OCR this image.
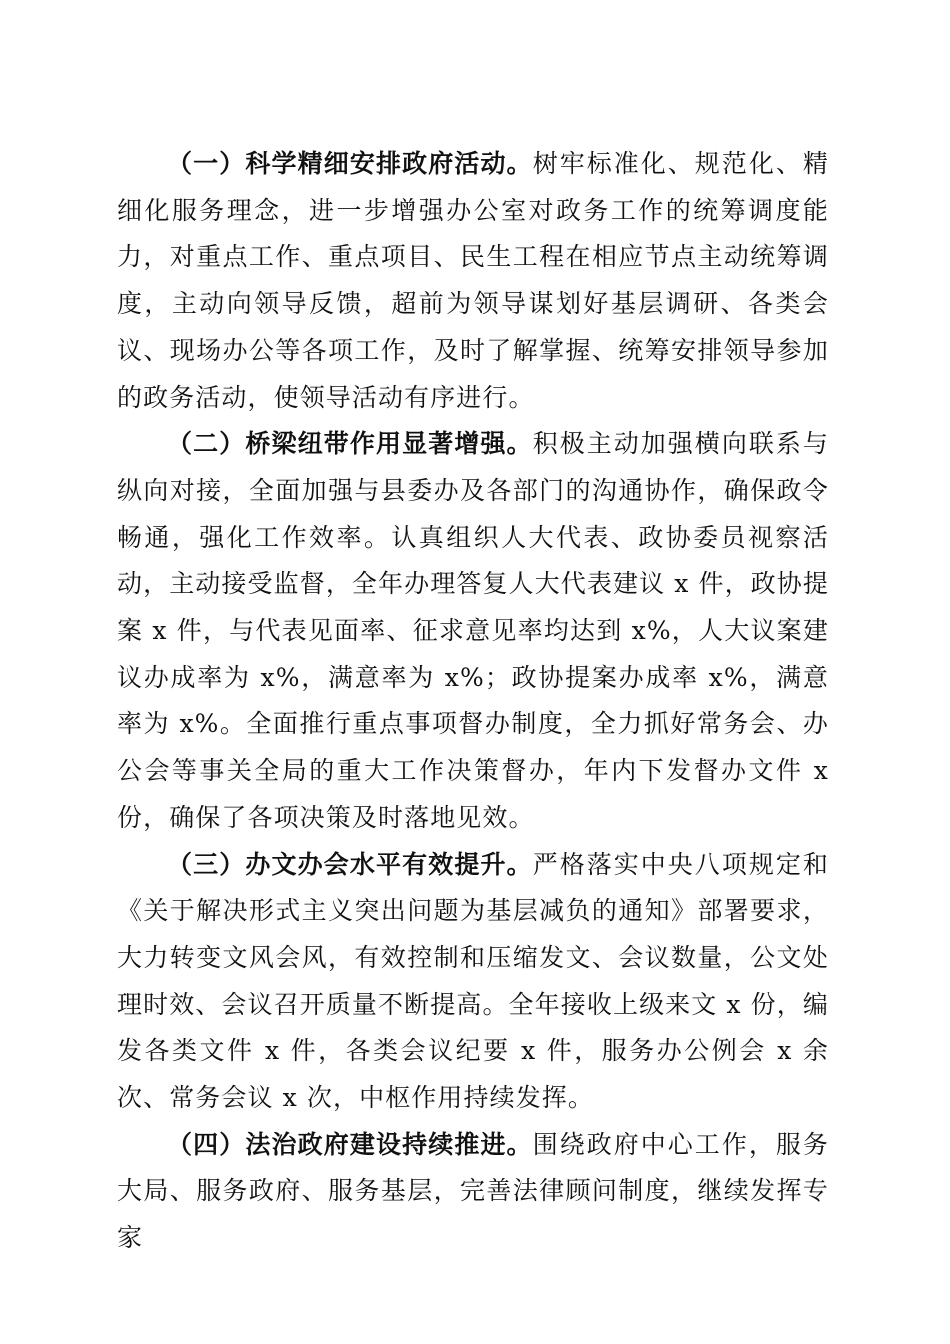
（一）科学精细安排政府活动。树牢标准化、规范化、精细化服务理念，进一步增强办公室对政务工作的统筹调度能力，对重点工作、重点项目、民生工程在相应节点主动统筹调度，主动向领导反馈，超前为领导谋划好基层调研、各类会议、现场办公等各项工作，及时了解掌握、统筹安排领导参加的政务活动，使领导活动有序进行。

（二）桥梁纽带作用显著增强。积极主动加强横向联系与纵向对接，全面加强与县委办及各部门的沟通协作，确保政令畅通，强化工作效率。认真组织人大代表、政协委员视察活动，主动接受监督，全年办理答复人大代表建议 x 件，政协提案 x 件，与代表见面率、征求意见率均达到 x%，人大议案建议办成率为 x%，满意率为 x%；政协提案办成率 x%，满意率为 x%。全面推行重点事项督办制度，全力抓好常务会、办公会等事关全局的重大工作决策督办，年内下发督办文件 x 份，确保了各项决策及时落地见效。

（三）办文办会水平有效提升。严格落实中央八项规定和《关于解决形式主义突出问题为基层减负的通知》部署要求，大力转变文风会风，有效控制和压缩发文、会议数量，公文处理时效、会议召开质量不断提高。全年接收上级来文 x 份，编发各类文件 x 件，各类会议纪要 x 件，服务办公例会 x 余次、常务会议 x 次，中枢作用持续发挥。

（四）法治政府建设持续推进。围绕政府中心工作，服务大局、服务政府、服务基层，完善法律顾问制度，继续发挥专家
